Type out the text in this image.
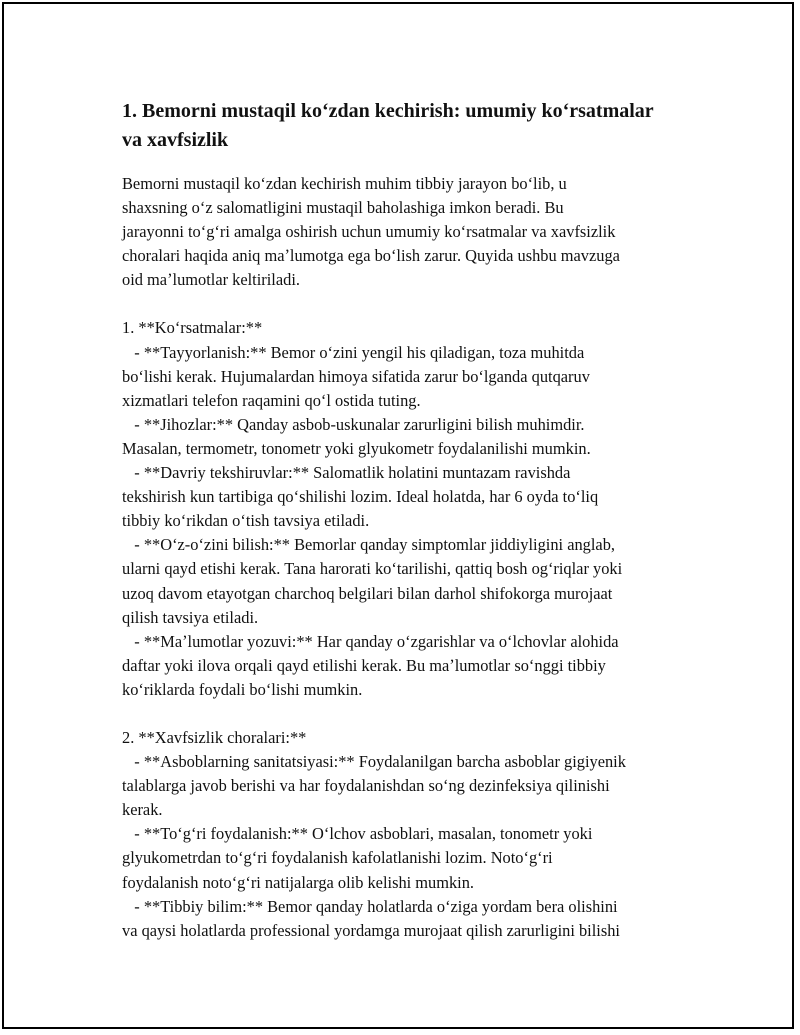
1. Bemorni mustaqil koʻzdan kechirish: umumiy koʻrsatmalar
va xavfsizlik

Bemorni mustaqil koʻzdan kechirish muhim tibbiy jarayon boʻlib, u
shaxsning oʻz salomatligini mustaqil baholashiga imkon beradi. Bu
jarayonni toʻgʻri amalga oshirish uchun umumiy koʻrsatmalar va xavfsizlik
choralari haqida aniq maʼlumotga ega boʻlish zarur. Quyida ushbu mavzuga
oid maʼlumotlar keltiriladi.

1. **Koʻrsatmalar:**
- **Tayyorlanish:** Bemor oʻzini yengil his qiladigan, toza muhitda
boʻlishi kerak. Hujumalardan himoya sifatida zarur boʻlganda qutqaruv
xizmatlari telefon raqamini qoʻl ostida tuting.
- **Jihozlar:** Qanday asbob-uskunalar zarurligini bilish muhimdir.
Masalan, termometr, tonometr yoki glyukometr foydalanilishi mumkin.
- **Davriy tekshiruvlar:** Salomatlik holatini muntazam ravishda
tekshirish kun tartibiga qoʻshilishi lozim. Ideal holatda, har 6 oyda toʻliq
tibbiy koʻrikdan oʻtish tavsiya etiladi.
- **Oʻz-oʻzini bilish:** Bemorlar qanday simptomlar jiddiyligini anglab,
ularni qayd etishi kerak. Tana harorati koʻtarilishi, qattiq bosh ogʻriqlar yoki
uzoq davom etayotgan charchoq belgilari bilan darhol shifokorga murojaat
qilish tavsiya etiladi.
- **Maʼlumotlar yozuvi:** Har qanday oʻzgarishlar va oʻlchovlar alohida
daftar yoki ilova orqali qayd etilishi kerak. Bu maʼlumotlar soʻnggi tibbiy
koʻriklarda foydali boʻlishi mumkin.
2. **Xavfsizlik choralari:**
- **Asboblarning sanitatsiyasi:** Foydalanilgan barcha asboblar gigiyenik
talablarga javob berishi va har foydalanishdan soʻng dezinfeksiya qilinishi
kerak.
- **Toʻgʻri foydalanish:** Oʻlchov asboblari, masalan, tonometr yoki
glyukometrdan toʻgʻri foydalanish kafolatlanishi lozim. Notoʻgʻri
foydalanish notoʻgʻri natijalarga olib kelishi mumkin.
- **Tibbiy bilim:** Bemor qanday holatlarda oʻziga yordam bera olishini
va qaysi holatlarda professional yordamga murojaat qilish zarurligini bilishi
